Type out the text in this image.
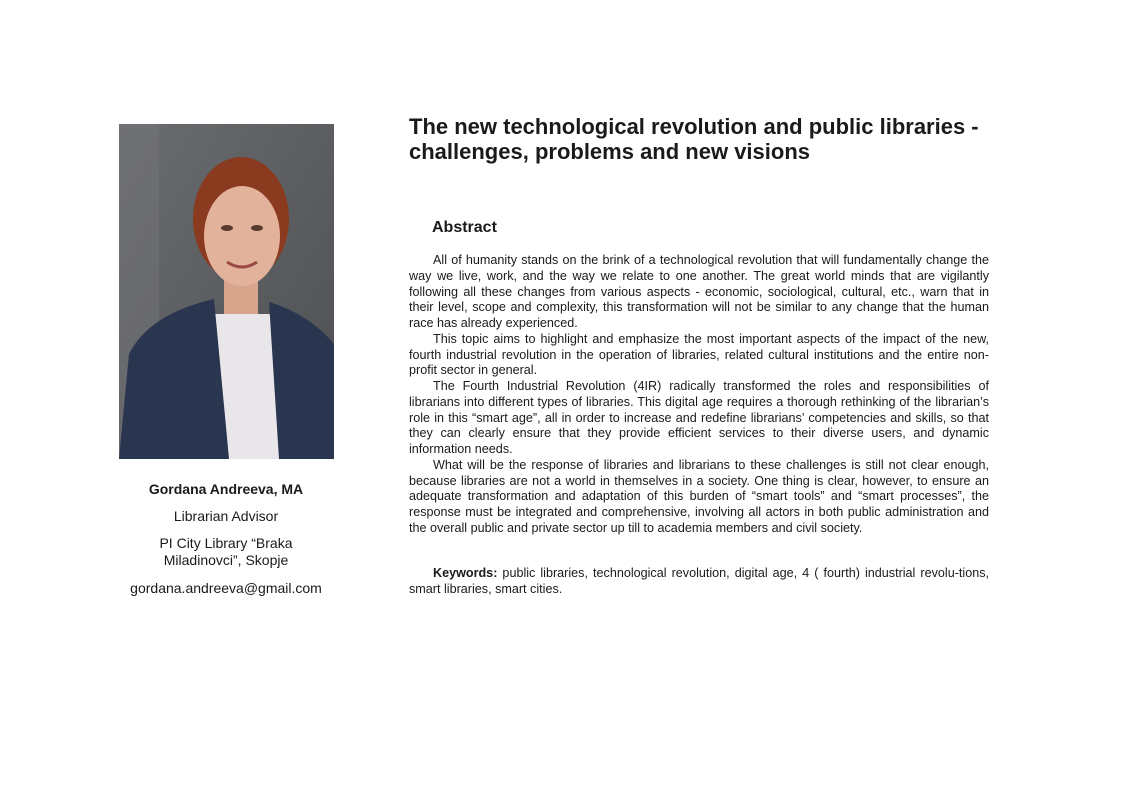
Gordana Andreeva, MA
Librarian Advisor
PI City Library “Braka
Miladinovci”, Skopje
gordana.andreeva@gmail.com
The new technological revolution and public libraries - challenges, problems and new visions
Abstract

All of humanity stands on the brink of a technological revolution that will fundamentally change the way we live, work, and the way we relate to one another. The great world minds that are vigilantly following all these changes from various aspects - economic, sociological, cultural, etc., warn that in their level, scope and complexity, this transformation will not be similar to any change that the human race has already experienced.

This topic aims to highlight and emphasize the most important aspects of the impact of the new, fourth industrial revolution in the operation of libraries, related cultural institutions and the entire non-profit sector in general.

The Fourth Industrial Revolution (4IR) radically transformed the roles and responsibilities of librarians into different types of libraries. This digital age requires a thorough rethinking of the librarian’s role in this “smart age”, all in order to increase and redefine librarians’ competencies and skills, so that they can clearly ensure that they provide efficient services to their diverse users, and dynamic information needs.

What will be the response of libraries and librarians to these challenges is still not clear enough, because libraries are not a world in themselves in a society. One thing is clear, however, to ensure an adequate transformation and adaptation of this burden of “smart tools” and “smart processes”, the response must be integrated and comprehensive, involving all actors in both public administration and the overall public and private sector up till to academia members and civil society.

Keywords: public libraries, technological revolution, digital age, 4 ( fourth) industrial revolu-tions, smart libraries, smart cities.
